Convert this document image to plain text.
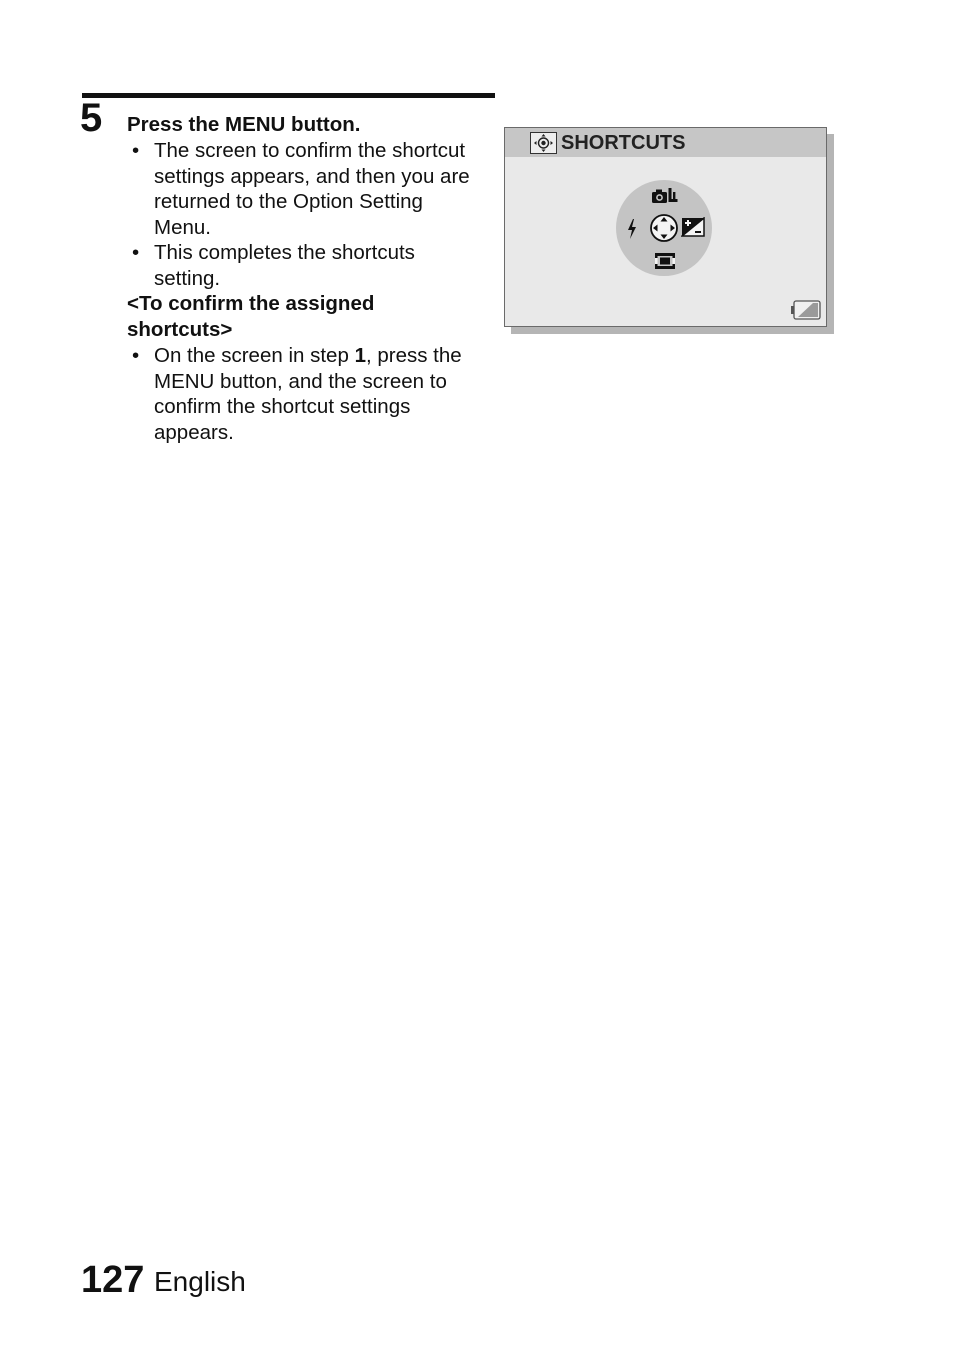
5 Press the MENU button.
• The screen to confirm the shortcut settings appears, and then you are returned to the Option Setting Menu.
• This completes the shortcuts setting.
<To confirm the assigned shortcuts>
• On the screen in step 1, press the MENU button, and the screen to confirm the shortcut settings appears.
SHORTCUTS
127 English
